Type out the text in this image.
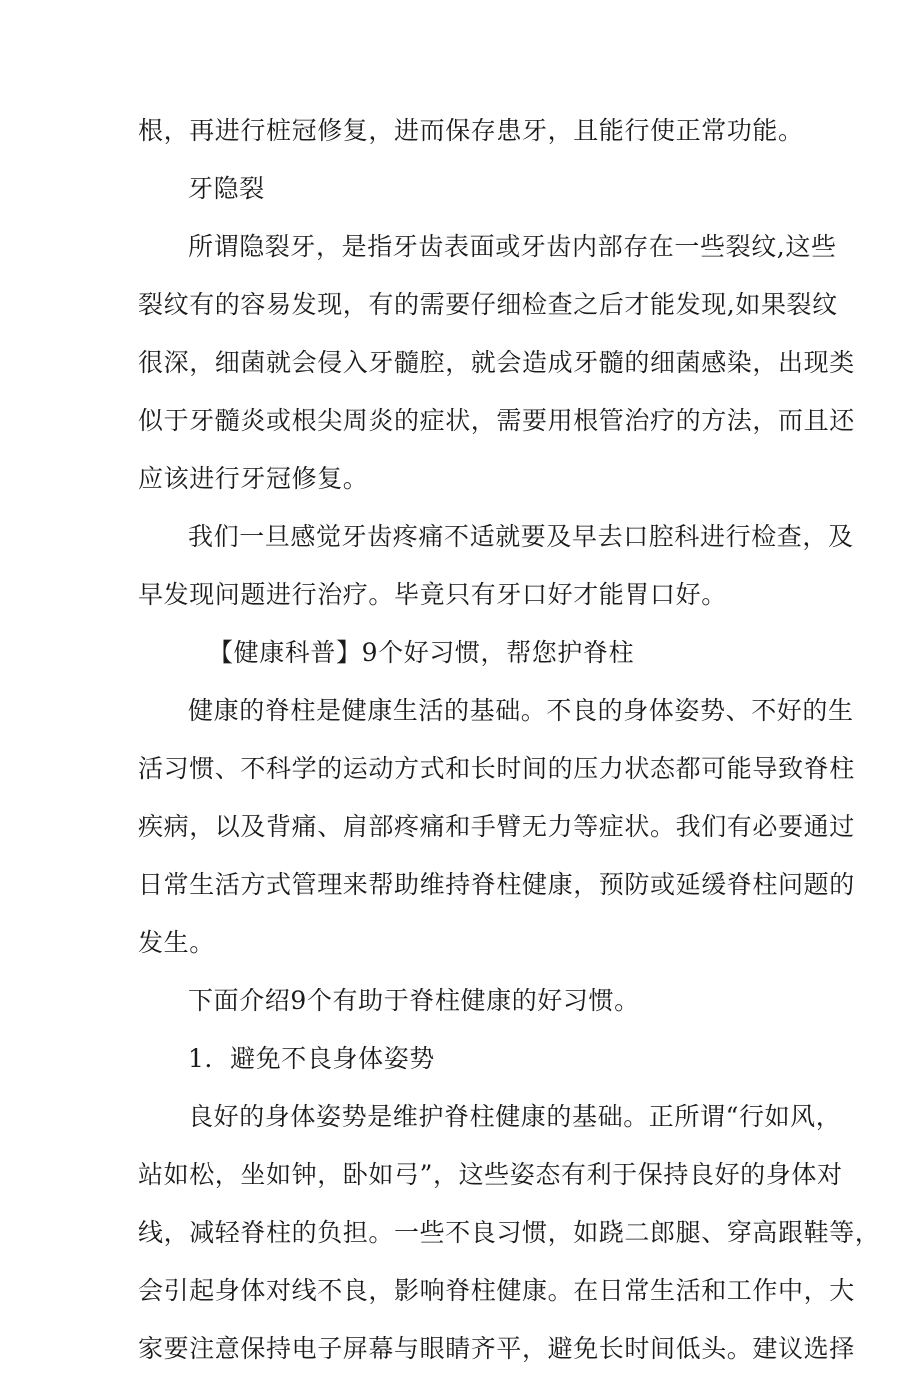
根，再进行桩冠修复，进而保存患牙，且能行使正常功能。
牙隐裂
所谓隐裂牙，是指牙齿表面或牙齿内部存在一些裂纹,这些
裂纹有的容易发现，有的需要仔细检查之后才能发现,如果裂纹
很深，细菌就会侵入牙髓腔，就会造成牙髓的细菌感染，出现类
似于牙髓炎或根尖周炎的症状，需要用根管治疗的方法，而且还
应该进行牙冠修复。
我们一旦感觉牙齿疼痛不适就要及早去口腔科进行检查，及
早发现问题进行治疗。毕竟只有牙口好才能胃口好。
【健康科普】9个好习惯，帮您护脊柱
健康的脊柱是健康生活的基础。不良的身体姿势、不好的生
活习惯、不科学的运动方式和长时间的压力状态都可能导致脊柱
疾病，以及背痛、肩部疼痛和手臂无力等症状。我们有必要通过
日常生活方式管理来帮助维持脊柱健康，预防或延缓脊柱问题的
发生。
下面介绍9个有助于脊柱健康的好习惯。
1．避免不良身体姿势
良好的身体姿势是维护脊柱健康的基础。正所谓“行如风，
站如松，坐如钟，卧如弓”，这些姿态有利于保持良好的身体对
线，减轻脊柱的负担。一些不良习惯，如跷二郎腿、穿高跟鞋等，
会引起身体对线不良，影响脊柱健康。在日常生活和工作中，大
家要注意保持电子屏幕与眼睛齐平，避免长时间低头。建议选择
